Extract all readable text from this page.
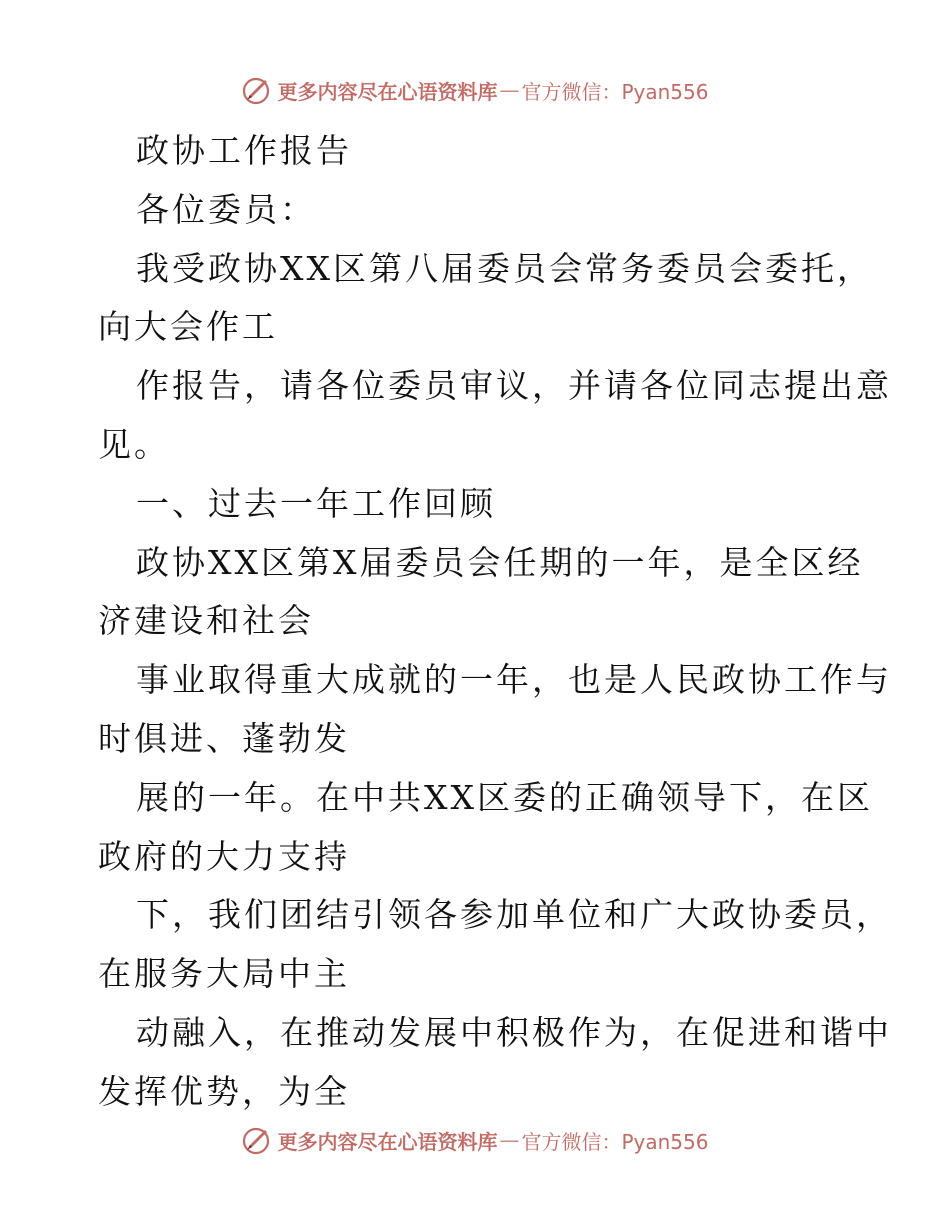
更多内容尽在心语资料库 — 官方微信：Pyan556
政协工作报告
各位委员：
我受政协XX区第八届委员会常务委员会委托，
向大会作工
作报告，请各位委员审议，并请各位同志提出意
见。
一、过去一年工作回顾
政协XX区第X届委员会任期的一年，是全区经
济建设和社会
事业取得重大成就的一年，也是人民政协工作与
时俱进、蓬勃发
展的一年。在中共XX区委的正确领导下，在区
政府的大力支持
下，我们团结引领各参加单位和广大政协委员，
在服务大局中主
动融入，在推动发展中积极作为，在促进和谐中
发挥优势，为全
更多内容尽在心语资料库 — 官方微信：Pyan556
